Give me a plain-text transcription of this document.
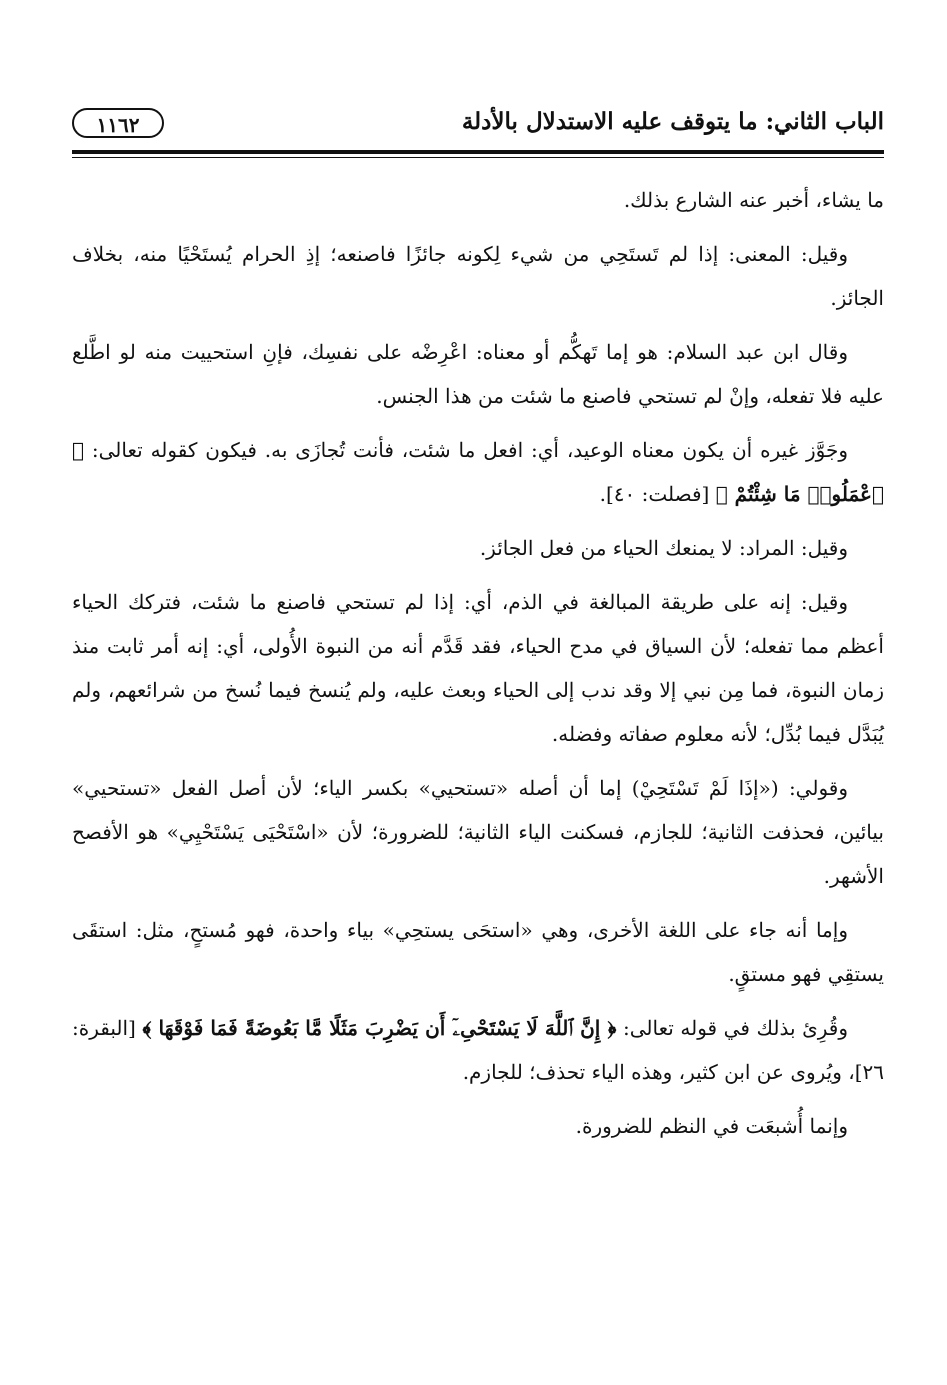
الباب الثاني: ما يتوقف عليه الاستدلال بالأدلة
١١٦٢

ما يشاء، أخبر عنه الشارع بذلك.

وقيل: المعنى: إذا لم تَستَحِي من شيء لِكونه جائزًا فاصنعه؛ إذِ الحرام يُستَحْيًا منه، بخلاف الجائز.

وقال ابن عبد السلام: هو إما تَهكُّم أو معناه: اعْرِضْه على نفسِك، فإنِ استحييت منه لو اطَّلع عليه فلا تفعله، وإنْ لم تستحي فاصنع ما شئت من هذا الجنس.

وجَوَّز غيره أن يكون معناه الوعيد، أي: افعل ما شئت، فأنت تُجازَى به. فيكون كقوله تعالى: ﴿ ٱعْمَلُوا۟ مَا شِئْتُمْ ﴾ [فصلت: ٤٠].

وقيل: المراد: لا يمنعك الحياء من فعل الجائز.

وقيل: إنه على طريقة المبالغة في الذم، أي: إذا لم تستحي فاصنع ما شئت، فتركك الحياء أعظم مما تفعله؛ لأن السياق في مدح الحياء، فقد قَدَّم أنه من النبوة الأُولى، أي: إنه أمر ثابت منذ زمان النبوة، فما مِن نبي إلا وقد ندب إلى الحياء وبعث عليه، ولم يُنسخ فيما نُسخ من شرائعهم، ولم يُبَدَّل فيما بُدِّل؛ لأنه معلوم صفاته وفضله.

وقولي: («إذَا لَمْ تَسْتَحِيْ) إما أن أصله «تستحيي» بكسر الياء؛ لأن أصل الفعل «تستحيي» بيائين، فحذفت الثانية؛ للجازم، فسكنت الياء الثانية؛ للضرورة؛ لأن «اسْتَحْيَى يَسْتَحْيِي» هو الأفصح الأشهر.

وإما أنه جاء على اللغة الأخرى، وهي «استحَى يستحِي» بياء واحدة، فهو مُستحٍ، مثل: استقَى يستقِي فهو مستقٍ.

وقُرِئ بذلك في قوله تعالى: ﴿ إِنَّ ٱللَّهَ لَا يَسْتَحْىِۦٓ أَن يَضْرِبَ مَثَلًا مَّا بَعُوضَةً فَمَا فَوْقَهَا ﴾ [البقرة: ٢٦]، ويُروى عن ابن كثير، وهذه الياء تحذف؛ للجازم.

وإنما أُشبعَت في النظم للضرورة.
